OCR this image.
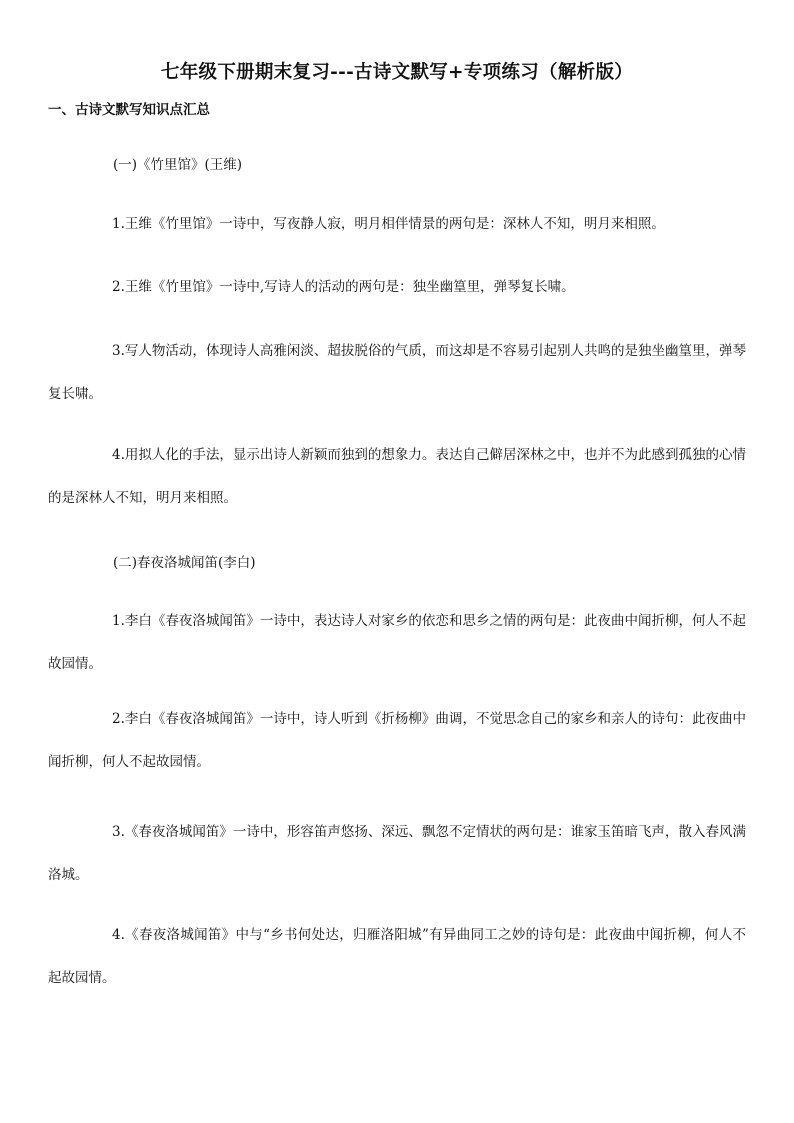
七年级下册期末复习---古诗文默写+专项练习（解析版）
一、古诗文默写知识点汇总
(一)《竹里馆》(王维)
1.王维《竹里馆》一诗中，写夜静人寂，明月相伴情景的两句是：深林人不知，明月来相照。
2.王维《竹里馆》一诗中,写诗人的活动的两句是：独坐幽篁里，弹琴复长啸。
3.写人物活动，体现诗人高雅闲淡、超拔脱俗的气质，而这却是不容易引起别人共鸣的是独坐幽篁里，弹琴复长啸。
4.用拟人化的手法，显示出诗人新颖而独到的想象力。表达自己僻居深林之中，也并不为此感到孤独的心情的是深林人不知，明月来相照。
(二)春夜洛城闻笛(李白)
1.李白《春夜洛城闻笛》一诗中，表达诗人对家乡的依恋和思乡之情的两句是：此夜曲中闻折柳，何人不起故园情。
2.李白《春夜洛城闻笛》一诗中，诗人听到《折杨柳》曲调，不觉思念自己的家乡和亲人的诗句：此夜曲中闻折柳，何人不起故园情。
3.《春夜洛城闻笛》一诗中，形容笛声悠扬、深远、飘忽不定情状的两句是：谁家玉笛暗飞声，散入春风满洛城。
4.《春夜洛城闻笛》中与“乡书何处达，归雁洛阳城”有异曲同工之妙的诗句是：此夜曲中闻折柳，何人不起故园情。
